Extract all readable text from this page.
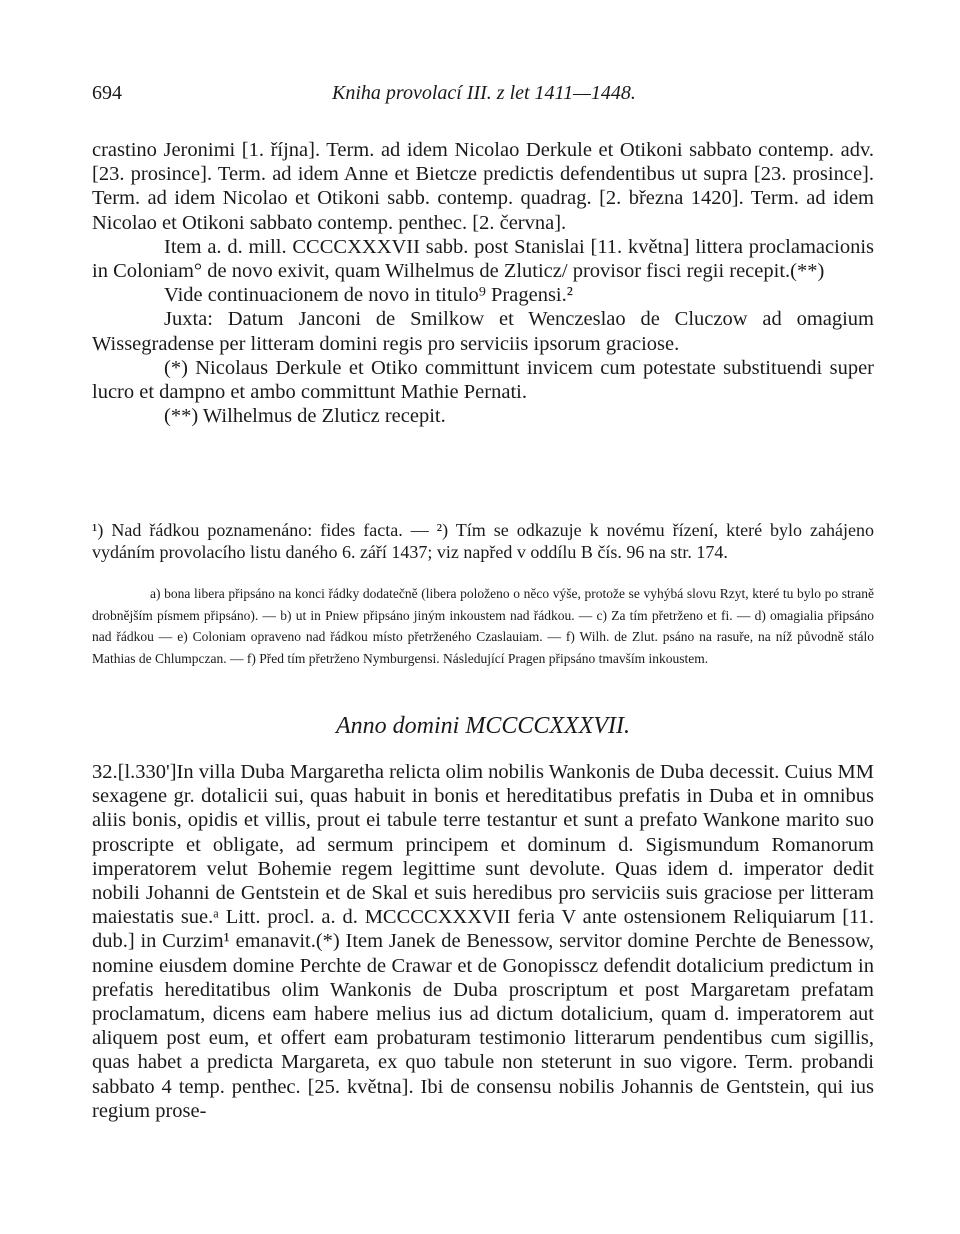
694	Kniha provolací III. z let 1411—1448.

crastino Jeronimi [1. října]. Term. ad idem Nicolao Derkule et Otikoni sabbato contemp. adv. [23. prosince]. Term. ad idem Anne et Bietcze predictis defendentibus ut supra [23. prosince]. Term. ad idem Nicolao et Otikoni sabb. contemp. quadrag. [2. března 1420]. Term. ad idem Nicolao et Otikoni sabbato contemp. penthec. [2. června].

Item a. d. mill. CCCCXXXVII sabb. post Stanislai [11. května] littera proclamacionis in Coloniam° de novo exivit, quam Wilhelmus de Zluticz/ provisor fisci regii recepit.(**)

Vide continuacionem de novo in titulo⁹ Pragensi.²

Juxta: Datum Janconi de Smilkow et Wenczeslao de Cluczow ad omagium Wissegradense per litteram domini regis pro serviciis ipsorum graciose.

(*) Nicolaus Derkule et Otiko committunt invicem cum potestate substituendi super lucro et dampno et ambo committunt Mathie Pernati.

(**) Wilhelmus de Zluticz recepit.

¹) Nad řádkou poznamenáno: fides facta. — ²) Tím se odkazuje k novému řízení, které bylo zahájeno vydáním provolacího listu daného 6. září 1437; viz napřed v oddílu B čís. 96 na str. 174.

a) bona libera připsáno na konci řádky dodatečně (libera položeno o něco výše, protože se vyhýbá slovu Rzyt, které tu bylo po straně drobnějším písmem připsáno). — b) ut in Pniew připsáno jiným inkoustem nad řádkou. — c) Za tím přetrženo et fi. — d) omagialia připsáno nad řádkou — e) Coloniam opraveno nad řádkou místo přetrženého Czaslauiam. — f) Wilh. de Zlut. psáno na rasuře, na níž původně stálo Mathias de Chlumpczan. — f) Před tím přetrženo Nymburgensi. Následující Pragen připsáno tmavším inkoustem.

Anno domini MCCCCXXXVII.

32.[l.330']In villa Duba Margaretha relicta olim nobilis Wankonis de Duba decessit. Cuius MM sexagene gr. dotalicii sui, quas habuit in bonis et hereditatibus prefatis in Duba et in omnibus aliis bonis, opidis et villis, prout ei tabule terre testantur et sunt a prefato Wankone marito suo proscripte et obligate, ad sermum principem et dominum d. Sigismundum Romanorum imperatorem velut Bohemie regem legittime sunt devolute. Quas idem d. imperator dedit nobili Johanni de Gentstein et de Skal et suis heredibus pro serviciis suis graciose per litteram maiestatis sue.ᵃ Litt. procl. a. d. MCCCCXXXVII feria V ante ostensionem Reliquiarum [11. dub.] in Curzim¹ emanavit.(*) Item Janek de Benessow, servitor domine Perchte de Benessow, nomine eiusdem domine Perchte de Crawar et de Gonopisscz defendit dotalicium predictum in prefatis hereditatibus olim Wankonis de Duba proscriptum et post Margaretam prefatam proclamatum, dicens eam habere melius ius ad dictum dotalicium, quam d. imperatorem aut aliquem post eum, et offert eam probaturam testimonio litterarum pendentibus cum sigillis, quas habet a predicta Margareta, ex quo tabule non steterunt in suo vigore. Term. probandi sabbato 4 temp. penthec. [25. května]. Ibi de consensu nobilis Johannis de Gentstein, qui ius regium prose-
